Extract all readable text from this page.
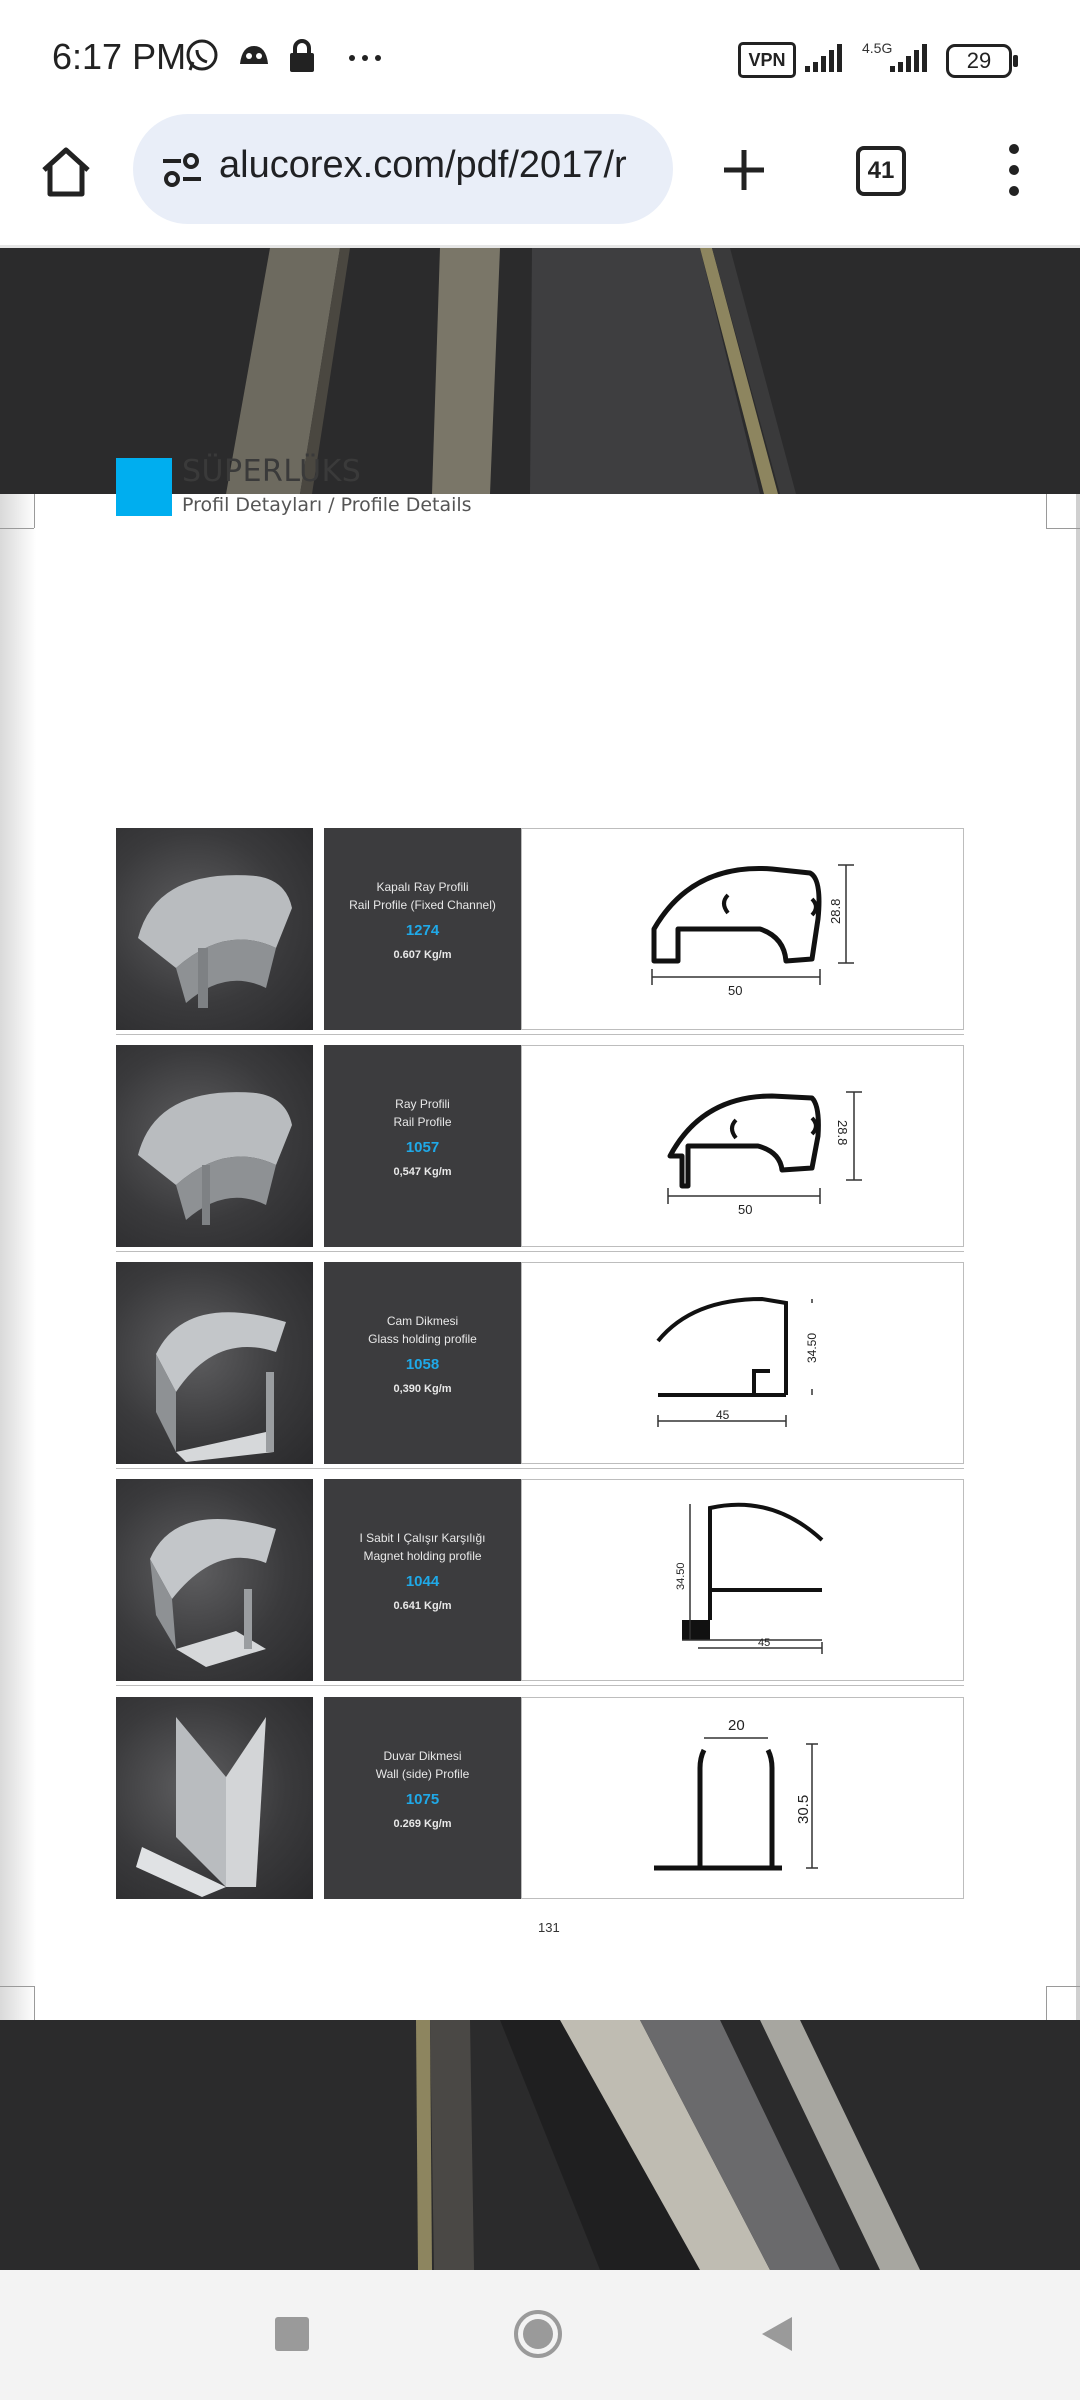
6:17 PM	VPN
4.5G	29
alucorex.com/pdf/2017/r	41
SÜPERLÜKS
Profil Detayları / Profile Details
Kapalı Ray Profili
Rail Profile (Fixed Channel)
1274
0.607 Kg/m
28.8
50
Ray Profili
Rail Profile
1057
0,547 Kg/m
28.8
50
Cam Dikmesi
Glass holding profile
1058
0,390 Kg/m
34.50
45
I Sabit I Çalışır Karşılığı
Magnet holding profile
1044
0.641 Kg/m
34.50
45
Duvar Dikmesi
Wall (side) Profile
1075
0.269 Kg/m
20
30.5
131
